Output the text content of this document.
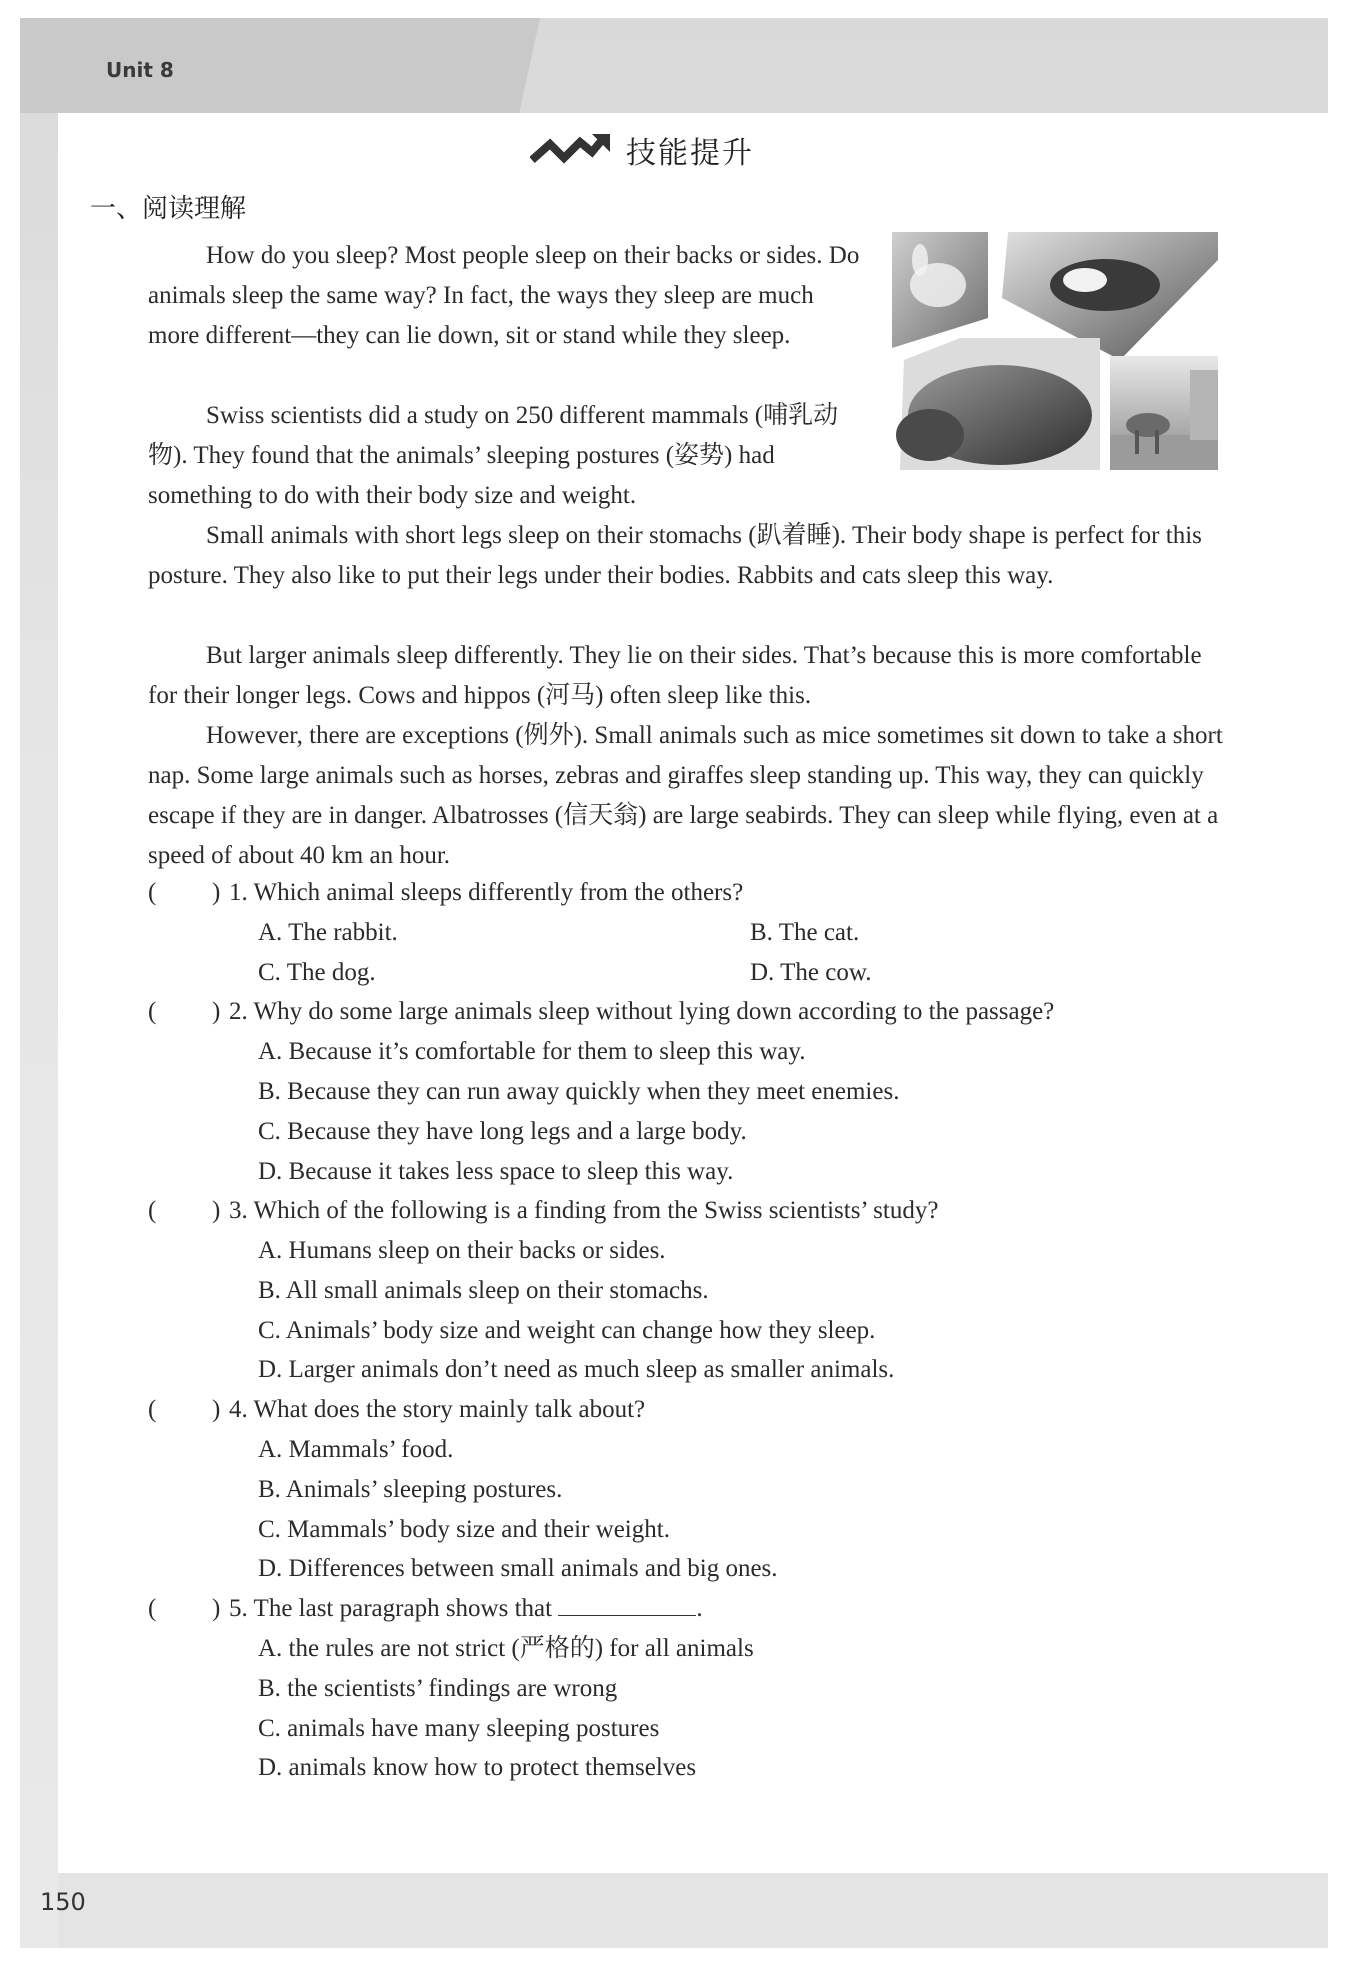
Unit 8
150
技能提升
一、阅读理解

How do you sleep? Most people sleep on their backs or sides. Do animals sleep the same way? In fact, the ways they sleep are much more different—they can lie down, sit or stand while they sleep.

Swiss scientists did a study on 250 different mammals (哺乳动物). They found that the animals’ sleeping postures (姿势) had something to do with their body size and weight.

Small animals with short legs sleep on their stomachs (趴着睡). Their body shape is perfect for this posture. They also like to put their legs under their bodies. Rabbits and cats sleep this way.

But larger animals sleep differently. They lie on their sides. That’s because this is more comfortable for their longer legs. Cows and hippos (河马) often sleep like this.

However, there are exceptions (例外). Small animals such as mice sometimes sit down to take a short nap. Some large animals such as horses, zebras and giraffes sleep standing up. This way, they can quickly escape if they are in danger. Albatrosses (信天翁) are large seabirds. They can sleep while flying, even at a speed of about 40 km an hour.

( ) 1. Which animal sleeps differently from the others?
A. The rabbit.	B. The cat.
C. The dog.	D. The cow.
( ) 2. Why do some large animals sleep without lying down according to the passage?
A. Because it’s comfortable for them to sleep this way.
B. Because they can run away quickly when they meet enemies.
C. Because they have long legs and a large body.
D. Because it takes less space to sleep this way.
( ) 3. Which of the following is a finding from the Swiss scientists’ study?
A. Humans sleep on their backs or sides.
B. All small animals sleep on their stomachs.
C. Animals’ body size and weight can change how they sleep.
D. Larger animals don’t need as much sleep as smaller animals.
( ) 4. What does the story mainly talk about?
A. Mammals’ food.
B. Animals’ sleeping postures.
C. Mammals’ body size and their weight.
D. Differences between small animals and big ones.
( ) 5. The last paragraph shows that	.
A. the rules are not strict (严格的) for all animals
B. the scientists’ findings are wrong
C. animals have many sleeping postures
D. animals know how to protect themselves
